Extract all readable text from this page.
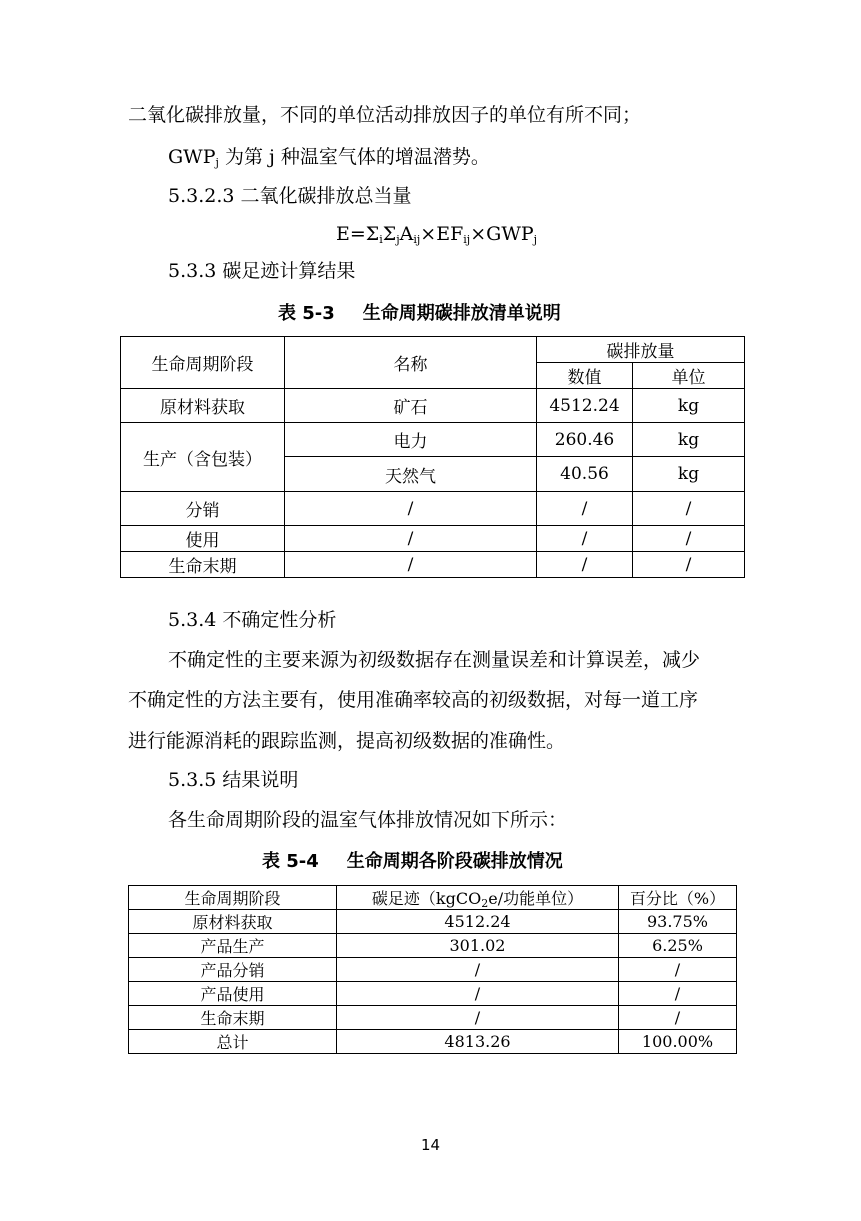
二氧化碳排放量，不同的单位活动排放因子的单位有所不同；
$GWP_j$ 为第 j 种温室气体的增温潜势。
5.3.2.3 二氧化碳排放总当量
$E=\Sigma_i\Sigma_jA_{ij}\times EF_{ij}\times GWP_j$
5.3.3 碳足迹计算结果
表 5-3 生命周期碳排放清单说明
生命周期阶段	名称	碳排放量	
		数值	单位
原材料获取	矿石	4512.24	kg
生产（含包装）	电力	260.46	kg
	天然气	40.56	kg
分销	/	/	/
使用	/	/	/
生命末期	/	/	/
5.3.4 不确定性分析
不确定性的主要来源为初级数据存在测量误差和计算误差，减少
不确定性的方法主要有，使用准确率较高的初级数据，对每一道工序
进行能源消耗的跟踪监测，提高初级数据的准确性。
5.3.5 结果说明
各生命周期阶段的温室气体排放情况如下所示：
表 5-4 生命周期各阶段碳排放情况
生命周期阶段	碳足迹（kgCO$_2$e/功能单位）	百分比（%）
原材料获取	4512.24	93.75%
产品生产	301.02	6.25%
产品分销	/	/
产品使用	/	/
生命末期	/	/
总计	4813.26	100.00%
14
